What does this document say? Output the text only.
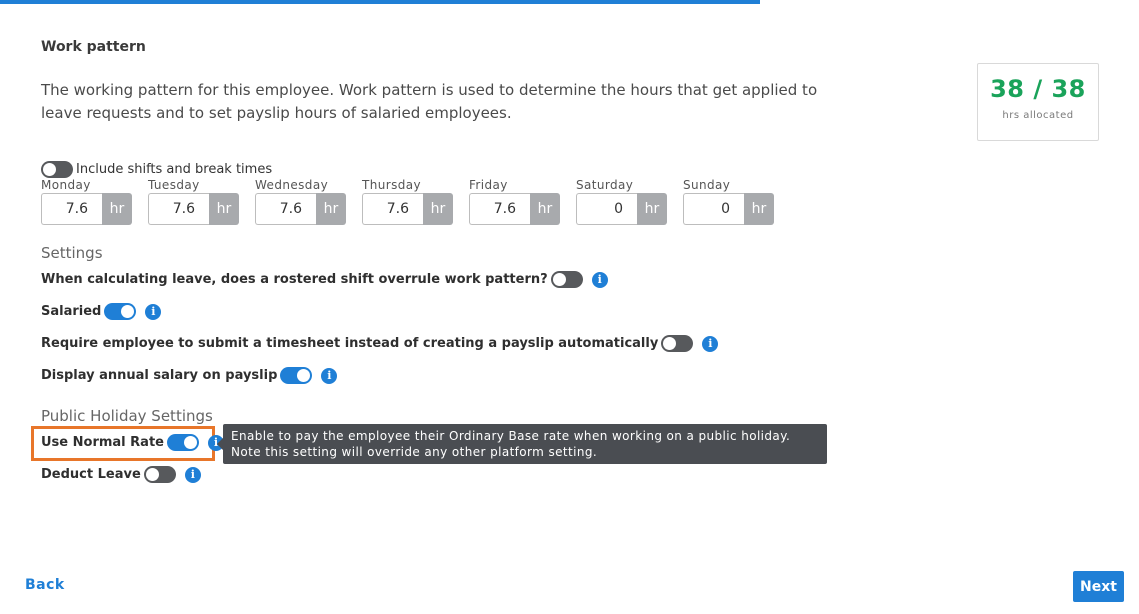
Work pattern
The working pattern for this employee. Work pattern is used to determine the hours that get applied to leave requests and to set payslip hours of salaried employees.
38 / 38
hrs allocated
Include shifts and break times
Monday
7.6
hr
Tuesday
7.6
hr
Wednesday
7.6
hr
Thursday
7.6
hr
Friday
7.6
hr
Saturday
0
hr
Sunday
0
hr
Settings
When calculating leave, does a rostered shift overrule work pattern?	i
Salaried	i
Require employee to submit a timesheet instead of creating a payslip automatically	i
Display annual salary on payslip	i
Public Holiday Settings
Use Normal Rate	i	Enable to pay the employee their Ordinary Base rate when working on a public holiday.
Note this setting will override any other platform setting.
Deduct Leave	i
Back	Next
